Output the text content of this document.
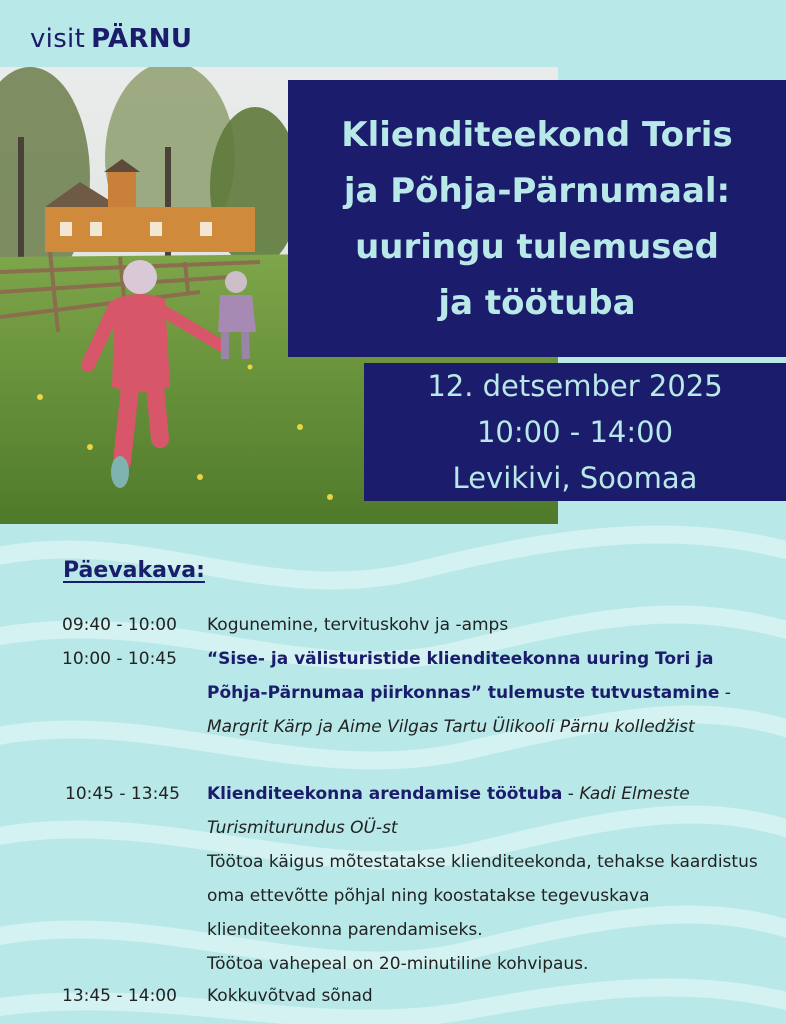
visit PÄRNU
Klienditeekond Toris
ja Põhja-Pärnumaal:
uuringu tulemused
ja töötuba
12. detsember 2025
10:00 - 14:00
Levikivi, Soomaa
Päevakava:
09:40 - 10:00 Kogunemine, tervituskohv ja -amps
10:00 - 10:45 “Sise- ja välisturistide klienditeekonna uuring Tori ja Põhja-Pärnumaa piirkonnas” tulemuste tutvustamine - Margrit Kärp ja Aime Vilgas Tartu Ülikooli Pärnu kolledžist
10:45 - 13:45 Klienditeekonna arendamise töötuba - Kadi Elmeste Turismiturundus OÜ-st
Töötoa käigus mõtestatakse klienditeekonda, tehakse kaardistus oma ettevõtte põhjal ning koostatakse tegevuskava klienditeekonna parendamiseks.
Töötoa vahepeal on 20-minutiline kohvipaus.
13:45 - 14:00 Kokkuvõtvad sõnad
